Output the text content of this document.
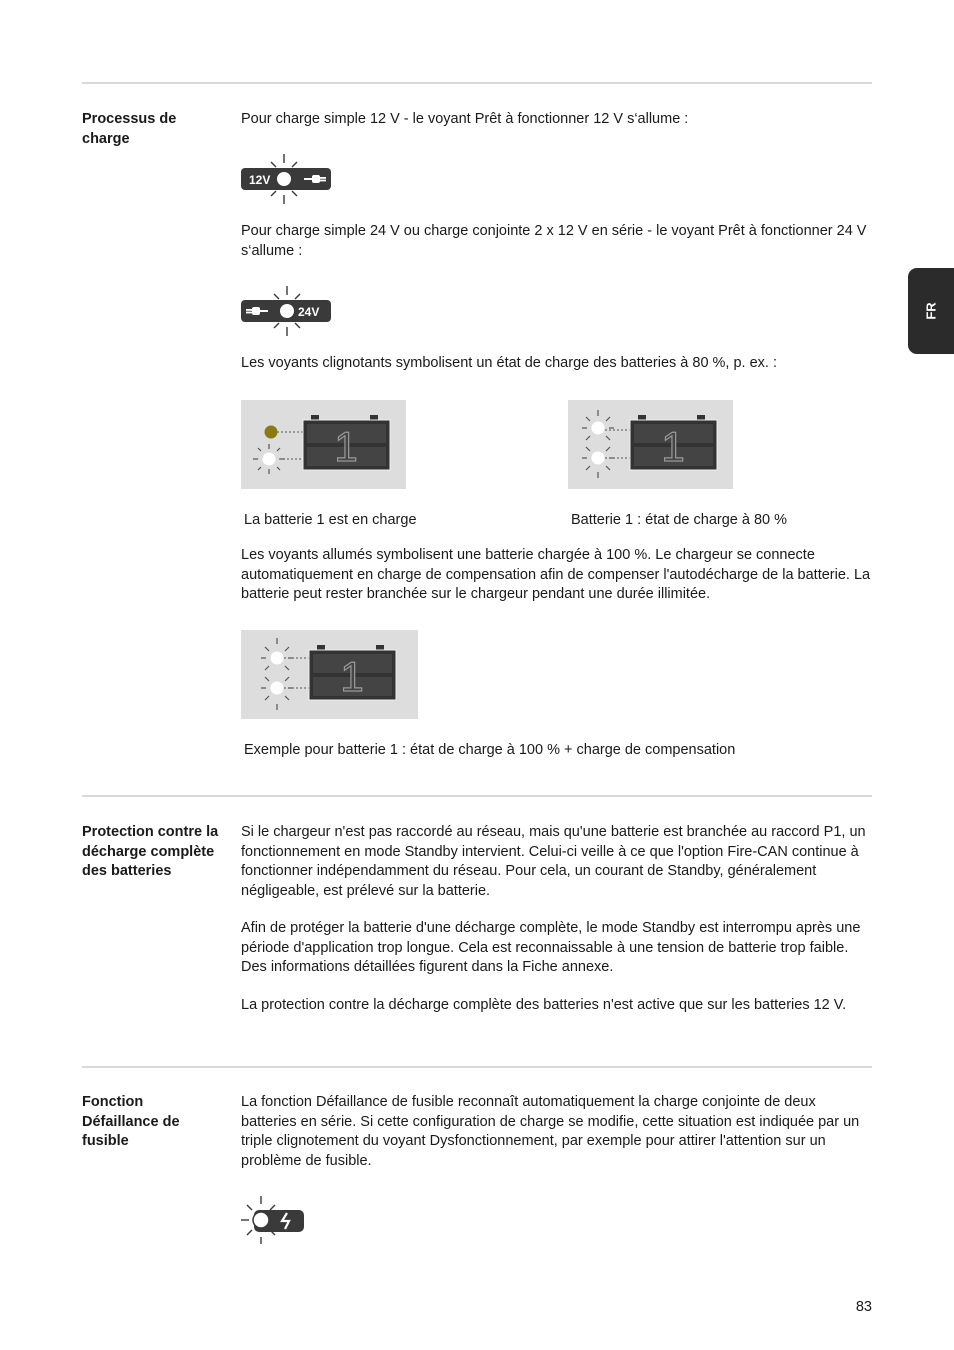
FR
Processus de charge
Pour charge simple 12 V - le voyant Prêt à fonctionner 12 V s‘allume :
12V
Pour charge simple 24 V ou charge conjointe 2 x 12 V en série - le voyant Prêt à fonctionner 24 V s‘allume :
24V
Les voyants clignotants symbolisent un état de charge des batteries à 80 %, p. ex. :
1	1
La batterie 1 est en charge	Batterie 1 : état de charge à 80 %
Les voyants allumés symbolisent une batterie chargée à 100 %. Le chargeur se connecte automatiquement en charge de compensation afin de compenser l'autodécharge de la batterie. La batterie peut rester branchée sur le chargeur pendant une durée illimitée.
1
Exemple pour batterie 1 : état de charge à 100 % + charge de compensation
Protection contre la décharge complète des batteries
Si le chargeur n'est pas raccordé au réseau, mais qu'une batterie est branchée au raccord P1, un fonctionnement en mode Standby intervient. Celui-ci veille à ce que l'option Fire-CAN continue à fonctionner indépendamment du réseau. Pour cela, un courant de Standby, généralement négligeable, est prélevé sur la batterie.
Afin de protéger la batterie d'une décharge complète, le mode Standby est interrompu après une période d'application trop longue. Cela est reconnaissable à une tension de batterie trop faible. Des informations détaillées figurent dans la Fiche annexe.
La protection contre la décharge complète des batteries n'est active que sur les batteries 12 V.
Fonction Défaillance de fusible
La fonction Défaillance de fusible reconnaît automatiquement la charge conjointe de deux batteries en série. Si cette configuration de charge se modifie, cette situation est indiquée par un triple clignotement du voyant Dysfonctionnement, par exemple pour attirer l'attention sur un problème de fusible.
83
